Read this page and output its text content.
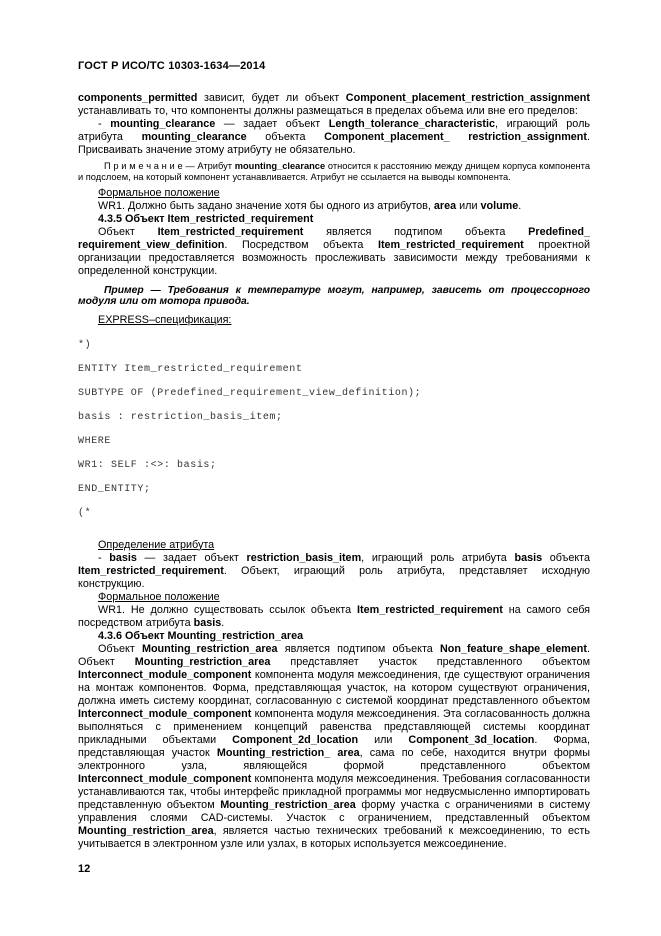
ГОСТ Р ИСО/ТС 10303-1634—2014
components_permitted зависит, будет ли объект Component_placement_restriction_assignment устанавливать то, что компоненты должны размещаться в пределах объема или вне его пределов:
- mounting_clearance — задает объект Length_tolerance_characteristic, играющий роль атрибута mounting_clearance объекта Component_placement_ restriction_assignment. Присваивать значение этому атрибуту не обязательно.
П р и м е ч а н и е — Атрибут mounting_clearance относится к расстоянию между днищем корпуса компонента и подслоем, на который компонент устанавливается. Атрибут не ссылается на выводы компонента.
Формальное положение
WR1. Должно быть задано значение хотя бы одного из атрибутов, area или volume.
4.3.5 Объект Item_restricted_requirement
Объект Item_restricted_requirement является подтипом объекта Predefined_ requirement_view_definition. Посредством объекта Item_restricted_requirement проектной организации предоставляется возможность прослеживать зависимости между требованиями к определенной конструкции.
Пример — Требования к температуре могут, например, зависеть от процессорного модуля или от мотора привода.
EXPRESS–спецификация:
*)
ENTITY Item_restricted_requirement
SUBTYPE OF (Predefined_requirement_view_definition);
basis : restriction_basis_item;
WHERE
WR1: SELF :<>: basis;
END_ENTITY;
(*
Определение атрибута
- basis — задает объект restriction_basis_item, играющий роль атрибута basis объекта Item_restricted_requirement. Объект, играющий роль атрибута, представляет исходную конструкцию.
Формальное положение
WR1. Не должно существовать ссылок объекта Item_restricted_requirement на самого себя посредством атрибута basis.
4.3.6 Объект Mounting_restriction_area
Объект Mounting_restriction_area является подтипом объекта Non_feature_shape_element. Объект Mounting_restriction_area представляет участок представленного объектом Interconnect_module_component компонента модуля межсоединения, где существуют ограничения на монтаж компонентов. Форма, представляющая участок, на котором существуют ограничения, должна иметь систему координат, согласованную с системой координат представленного объектом Interconnect_module_component компонента модуля межсоединения. Эта согласованность должна выполняться с применением концепций равенства представляющей системы координат прикладными объектами Component_2d_location или Component_3d_location. Форма, представляющая участок Mounting_restriction_ area, сама по себе, находится внутри формы электронного узла, являющейся формой представленного объектом Interconnect_module_component компонента модуля межсоединения. Требования согласованности устанавливаются так, чтобы интерфейс прикладной программы мог недвусмысленно импортировать представленную объектом Mounting_restriction_area форму участка с ограничениями в систему управления слоями CAD-системы. Участок с ограничением, представленный объектом Mounting_restriction_area, является частью технических требований к межсоединению, то есть учитывается в электронном узле или узлах, в которых используется межсоединение.
12
